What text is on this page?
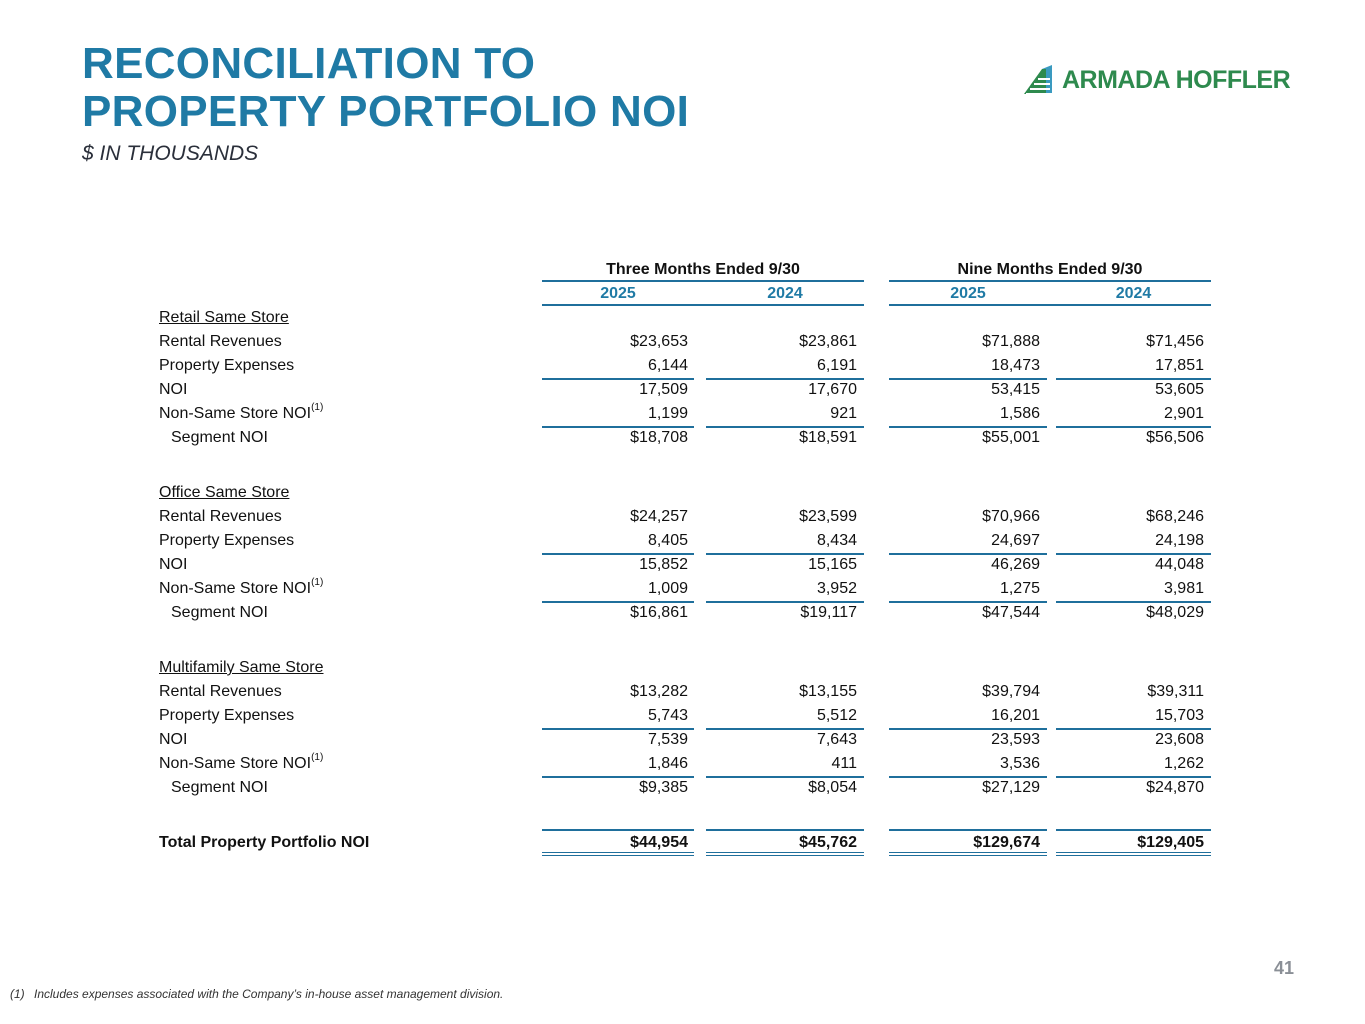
RECONCILIATION TO
PROPERTY PORTFOLIO NOI
$ IN THOUSANDS
ARMADA HOFFLER
Three Months Ended 9/30	Nine Months Ended 9/30
2025	2024	2025	2024
Retail Same Store
Rental Revenues	$23,653	$23,861	$71,888	$71,456
Property Expenses	6,144	6,191	18,473	17,851
NOI	17,509	17,670	53,415	53,605
Non-Same Store NOI$^{(1)}$	1,199	921	1,586	2,901
Segment NOI	$18,708	$18,591	$55,001	$56,506
Office Same Store
Rental Revenues	$24,257	$23,599	$70,966	$68,246
Property Expenses	8,405	8,434	24,697	24,198
NOI	15,852	15,165	46,269	44,048
Non-Same Store NOI$^{(1)}$	1,009	3,952	1,275	3,981
Segment NOI	$16,861	$19,117	$47,544	$48,029
Multifamily Same Store
Rental Revenues	$13,282	$13,155	$39,794	$39,311
Property Expenses	5,743	5,512	16,201	15,703
NOI	7,539	7,643	23,593	23,608
Non-Same Store NOI$^{(1)}$	1,846	411	3,536	1,262
Segment NOI	$9,385	$8,054	$27,129	$24,870
Total Property Portfolio NOI	$44,954	$45,762	$129,674	$129,405
41
(1) Includes expenses associated with the Company’s in-house asset management division.
